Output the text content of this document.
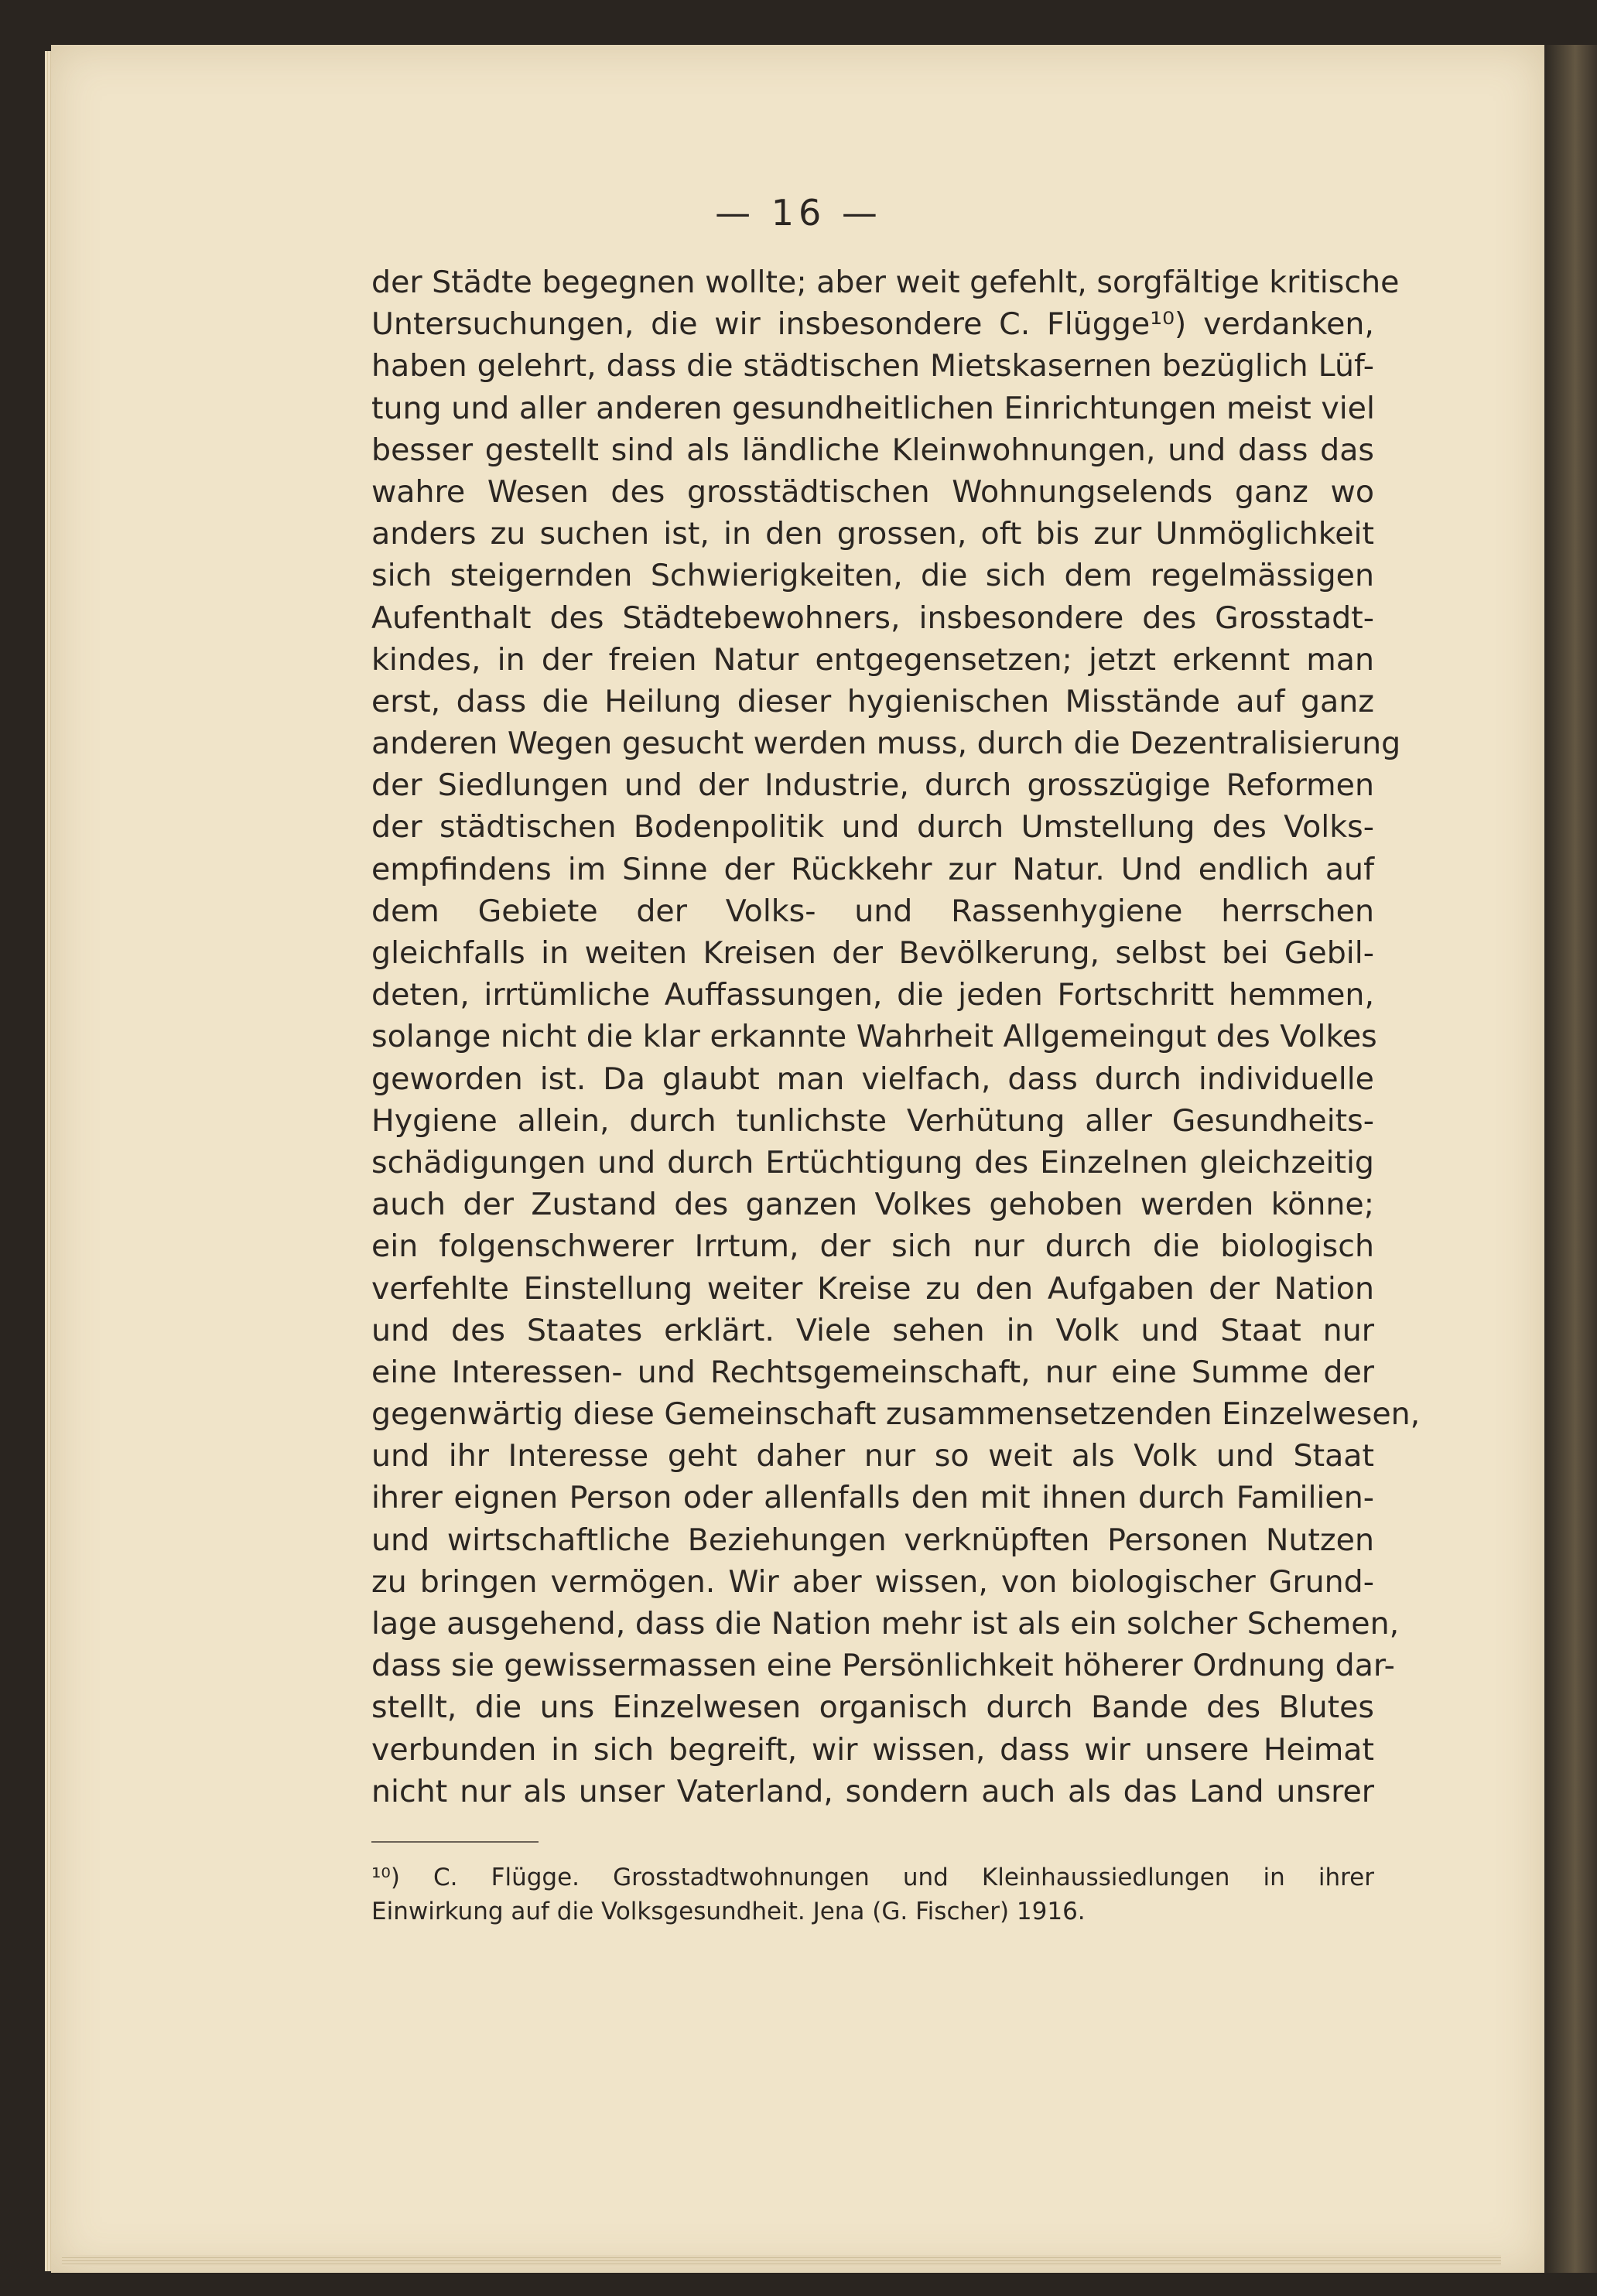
— 16 —
der Städte begegnen wollte; aber weit gefehlt, sorgfältige kritische
Untersuchungen, die wir insbesondere C. Flügge¹⁰) verdanken,
haben gelehrt, dass die städtischen Mietskasernen bezüglich Lüf-
tung und aller anderen gesundheitlichen Einrichtungen meist viel
besser gestellt sind als ländliche Kleinwohnungen, und dass das
wahre Wesen des grosstädtischen Wohnungselends ganz wo
anders zu suchen ist, in den grossen, oft bis zur Unmöglichkeit
sich steigernden Schwierigkeiten, die sich dem regelmässigen
Aufenthalt des Städtebewohners, insbesondere des Grosstadt-
kindes, in der freien Natur entgegensetzen; jetzt erkennt man
erst, dass die Heilung dieser hygienischen Misstände auf ganz
anderen Wegen gesucht werden muss, durch die Dezentralisierung
der Siedlungen und der Industrie, durch grosszügige Reformen
der städtischen Bodenpolitik und durch Umstellung des Volks-
empfindens im Sinne der Rückkehr zur Natur. Und endlich auf
dem Gebiete der Volks- und Rassenhygiene herrschen
gleichfalls in weiten Kreisen der Bevölkerung, selbst bei Gebil-
deten, irrtümliche Auffassungen, die jeden Fortschritt hemmen,
solange nicht die klar erkannte Wahrheit Allgemeingut des Volkes
geworden ist. Da glaubt man vielfach, dass durch individuelle
Hygiene allein, durch tunlichste Verhütung aller Gesundheits-
schädigungen und durch Ertüchtigung des Einzelnen gleichzeitig
auch der Zustand des ganzen Volkes gehoben werden könne;
ein folgenschwerer Irrtum, der sich nur durch die biologisch
verfehlte Einstellung weiter Kreise zu den Aufgaben der Nation
und des Staates erklärt. Viele sehen in Volk und Staat nur
eine Interessen- und Rechtsgemeinschaft, nur eine Summe der
gegenwärtig diese Gemeinschaft zusammensetzenden Einzelwesen,
und ihr Interesse geht daher nur so weit als Volk und Staat
ihrer eignen Person oder allenfalls den mit ihnen durch Familien-
und wirtschaftliche Beziehungen verknüpften Personen Nutzen
zu bringen vermögen. Wir aber wissen, von biologischer Grund-
lage ausgehend, dass die Nation mehr ist als ein solcher Schemen,
dass sie gewissermassen eine Persönlichkeit höherer Ordnung dar-
stellt, die uns Einzelwesen organisch durch Bande des Blutes
verbunden in sich begreift, wir wissen, dass wir unsere Heimat
nicht nur als unser Vaterland, sondern auch als das Land unsrer
¹⁰) C. Flügge. Grosstadtwohnungen und Kleinhaussiedlungen in ihrer
Einwirkung auf die Volksgesundheit. Jena (G. Fischer) 1916.
